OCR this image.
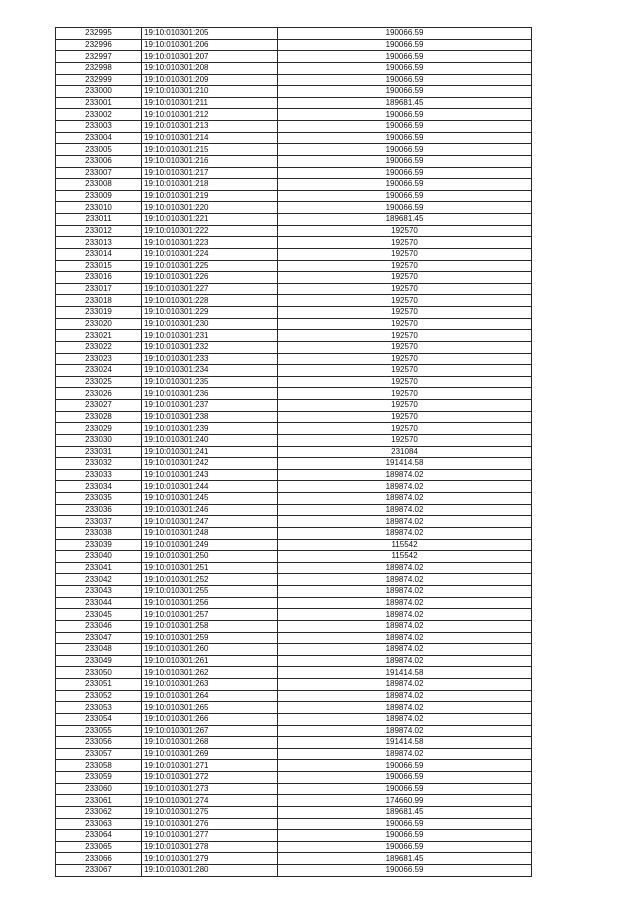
232995	19:10:010301:205	190066.59
232996	19:10:010301:206	190066.59
232997	19:10:010301:207	190066.59
232998	19:10:010301:208	190066.59
232999	19:10:010301:209	190066.59
233000	19:10:010301:210	190066.59
233001	19:10:010301:211	189681.45
233002	19:10:010301:212	190066.59
233003	19:10:010301:213	190066.59
233004	19:10:010301:214	190066.59
233005	19:10:010301:215	190066.59
233006	19:10:010301:216	190066.59
233007	19:10:010301:217	190066.59
233008	19:10:010301:218	190066.59
233009	19:10:010301:219	190066.59
233010	19:10:010301:220	190066.59
233011	19:10:010301:221	189681.45
233012	19:10:010301:222	192570
233013	19:10:010301:223	192570
233014	19:10:010301:224	192570
233015	19:10:010301:225	192570
233016	19:10:010301:226	192570
233017	19:10:010301:227	192570
233018	19:10:010301:228	192570
233019	19:10:010301:229	192570
233020	19:10:010301:230	192570
233021	19:10:010301:231	192570
233022	19:10:010301:232	192570
233023	19:10:010301:233	192570
233024	19:10:010301:234	192570
233025	19:10:010301:235	192570
233026	19:10:010301:236	192570
233027	19:10:010301:237	192570
233028	19:10:010301:238	192570
233029	19:10:010301:239	192570
233030	19:10:010301:240	192570
233031	19:10:010301:241	231084
233032	19:10:010301:242	191414.58
233033	19:10:010301:243	189874.02
233034	19:10:010301:244	189874.02
233035	19:10:010301:245	189874.02
233036	19:10:010301:246	189874.02
233037	19:10:010301:247	189874.02
233038	19:10:010301:248	189874.02
233039	19:10:010301:249	115542
233040	19:10:010301:250	115542
233041	19:10:010301:251	189874.02
233042	19:10:010301:252	189874.02
233043	19:10:010301:255	189874.02
233044	19:10:010301:256	189874.02
233045	19:10:010301:257	189874.02
233046	19:10:010301:258	189874.02
233047	19:10:010301:259	189874.02
233048	19:10:010301:260	189874.02
233049	19:10:010301:261	189874.02
233050	19:10:010301:262	191414.58
233051	19:10:010301:263	189874.02
233052	19:10:010301:264	189874.02
233053	19:10:010301:265	189874.02
233054	19:10:010301:266	189874.02
233055	19:10:010301:267	189874.02
233056	19:10:010301:268	191414.58
233057	19:10:010301:269	189874.02
233058	19:10:010301:271	190066.59
233059	19:10:010301:272	190066.59
233060	19:10:010301:273	190066.59
233061	19:10:010301:274	174660.99
233062	19:10:010301:275	189681.45
233063	19:10:010301:276	190066.59
233064	19:10:010301:277	190066.59
233065	19:10:010301:278	190066.59
233066	19:10:010301:279	189681.45
233067	19:10:010301:280	190066.59
